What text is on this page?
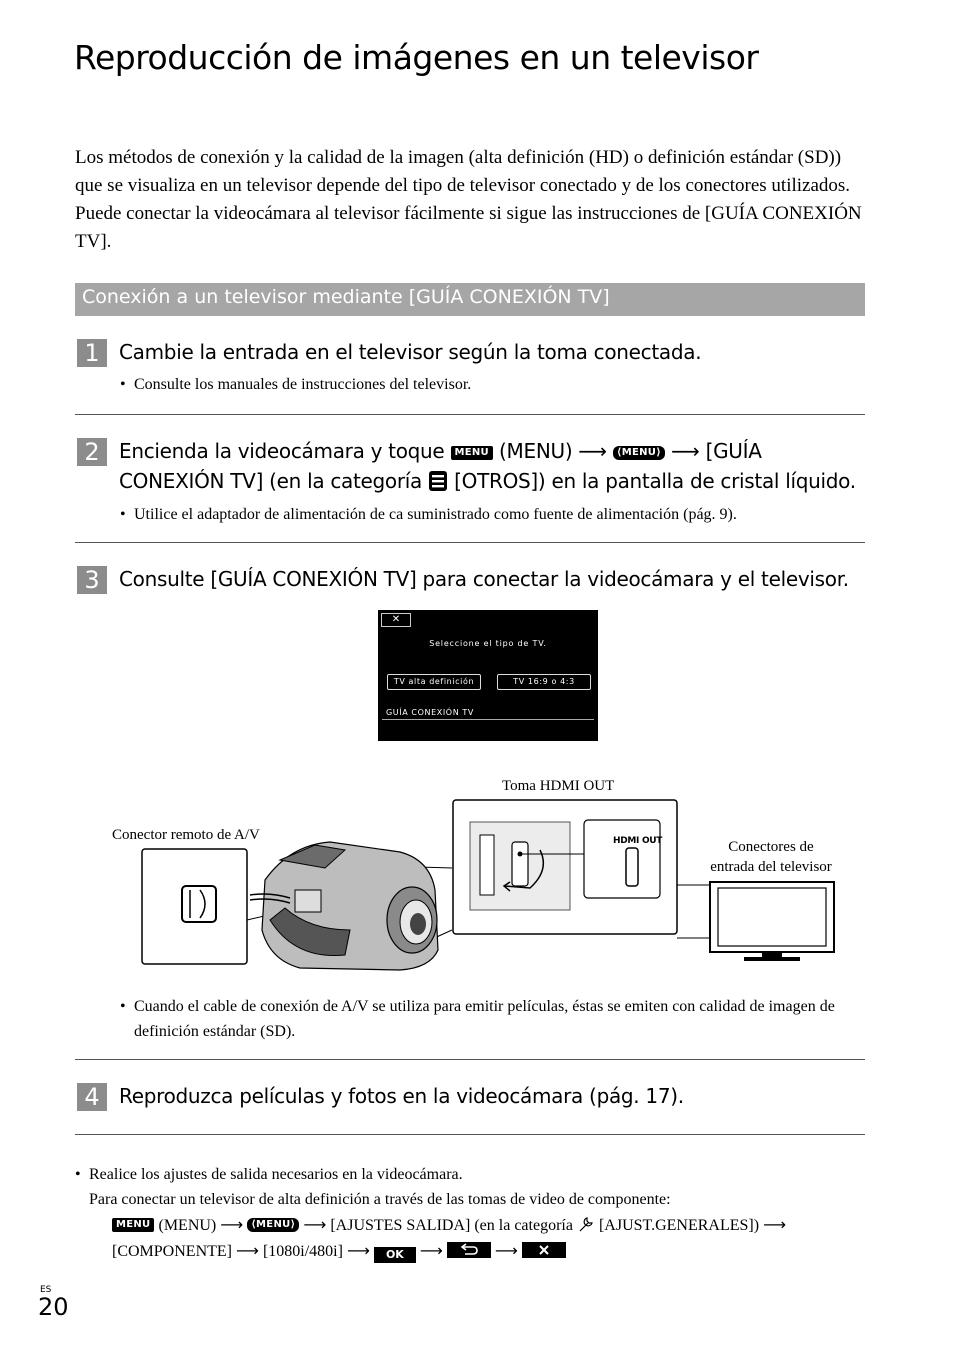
Reproducción de imágenes en un televisor

Los métodos de conexión y la calidad de la imagen (alta definición (HD) o definición estándar (SD)) que se visualiza en un televisor depende del tipo de televisor conectado y de los conectores utilizados. Puede conectar la videocámara al televisor fácilmente si sigue las instrucciones de [GUÍA CONEXIÓN TV].

Conexión a un televisor mediante [GUÍA CONEXIÓN TV]
1 Cambie la entrada en el televisor según la toma conectada.
• Consulte los manuales de instrucciones del televisor.
2 Encienda la videocámara y toque MENU (MENU) ⟶ ⟨MENU⟩ ⟶ [GUÍA
CONEXIÓN TV] (en la categoría [OTROS]) en la pantalla de cristal líquido.
• Utilice el adaptador de alimentación de ca suministrado como fuente de alimentación (pág. 9).
3 Consulte [GUÍA CONEXIÓN TV] para conectar la videocámara y el televisor.
✕
Seleccione el tipo de TV.
TV alta definición	TV 16:9 o 4:3
GUÍA CONEXIÓN TV
Toma HDMI OUT
Conector remoto de A/V
Conectores de
entrada del televisor
HDMI OUT
• Cuando el cable de conexión de A/V se utiliza para emitir películas, éstas se emiten con calidad de imagen de definición estándar (SD).
4 Reproduzca películas y fotos en la videocámara (pág. 17).
• Realice los ajustes de salida necesarios en la videocámara.
Para conectar un televisor de alta definición a través de las tomas de video de componente:
MENU (MENU) ⟶ ⟨MENU⟩ ⟶ [AJUSTES SALIDA] (en la categoría [AJUST.GENERALES]) ⟶
[COMPONENTE] ⟶ [1080i/480i] ⟶ OK ⟶	⟶
ES
20
